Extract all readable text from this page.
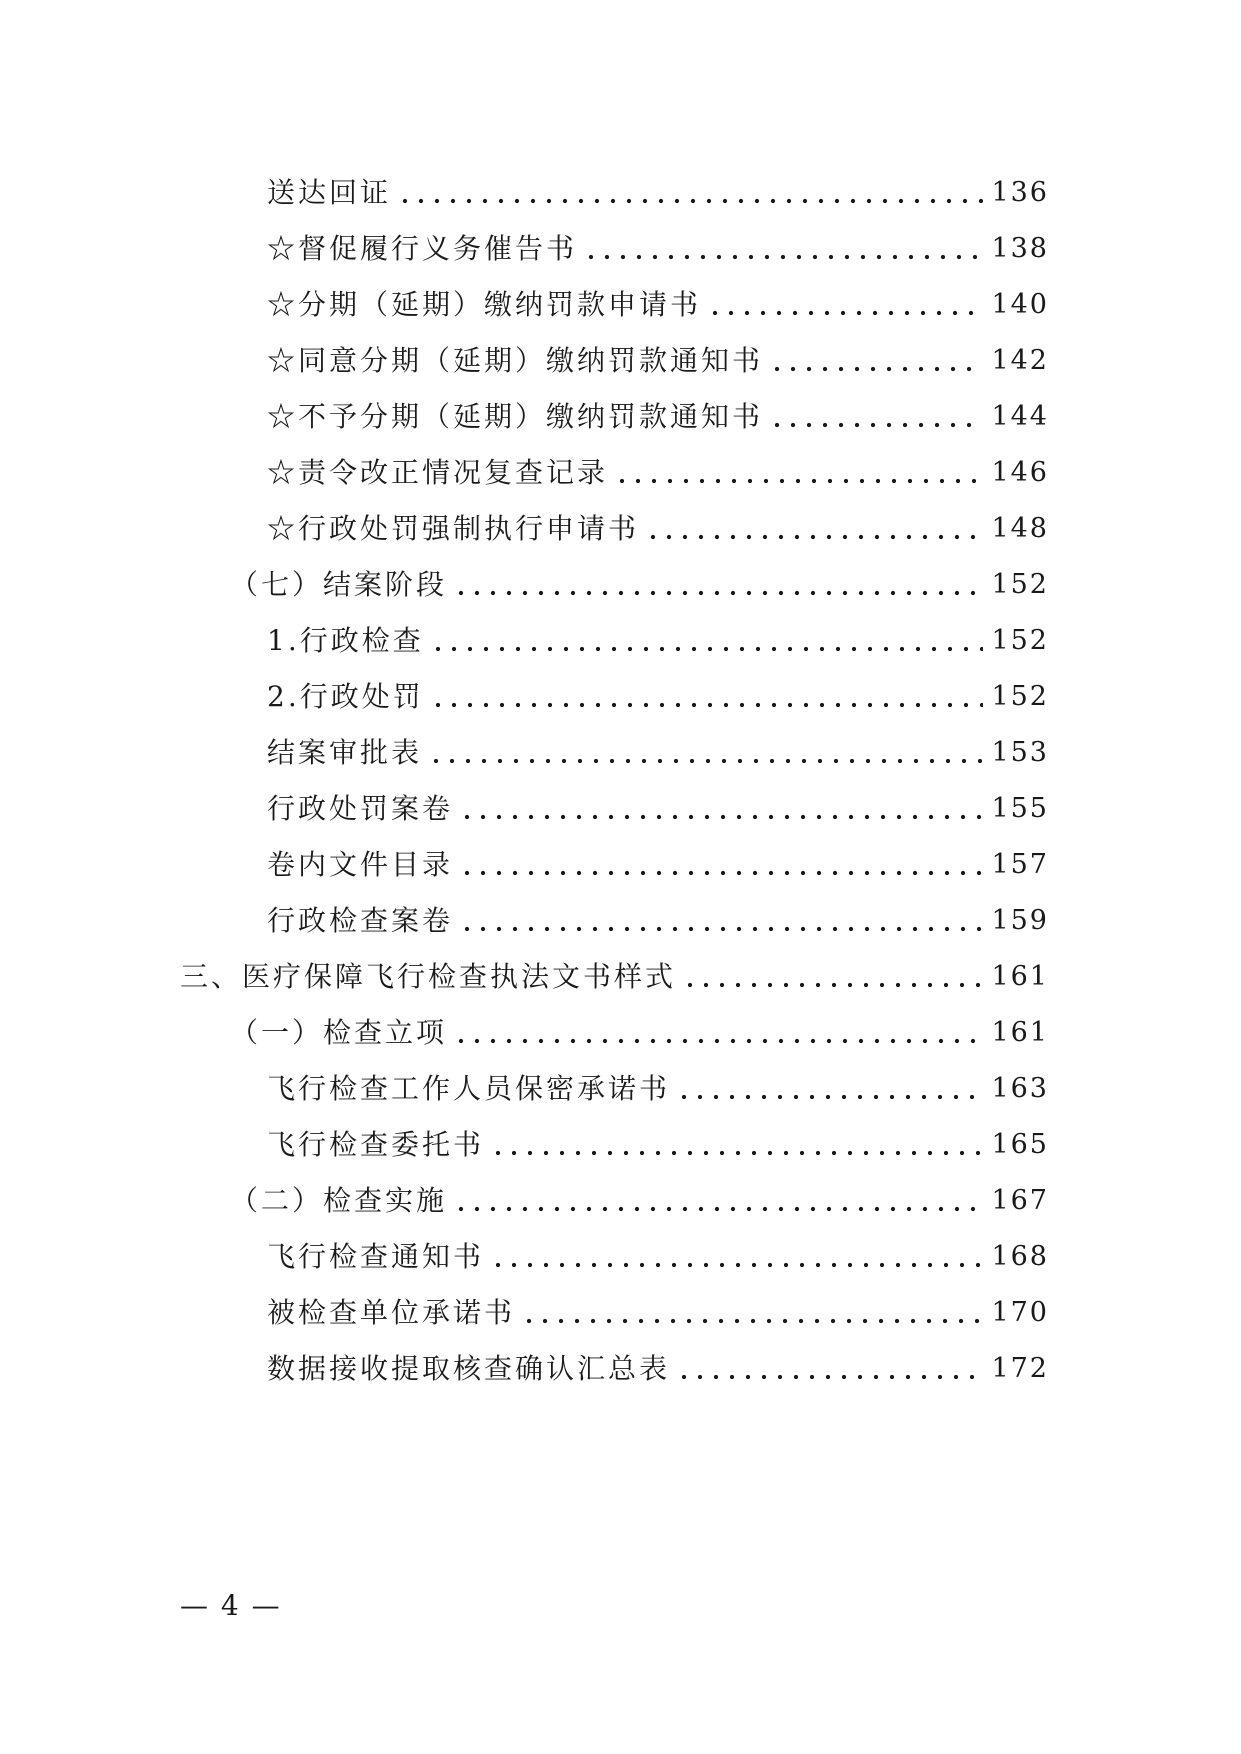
送达回证	136
☆督促履行义务催告书	138
☆分期（延期）缴纳罚款申请书	140
☆同意分期（延期）缴纳罚款通知书	142
☆不予分期（延期）缴纳罚款通知书	144
☆责令改正情况复查记录	146
☆行政处罚强制执行申请书	148
（七）结案阶段	152
1.行政检查	152
2.行政处罚	152
结案审批表	153
行政处罚案卷	155
卷内文件目录	157
行政检查案卷	159
三、医疗保障飞行检查执法文书样式	161
（一）检查立项	161
飞行检查工作人员保密承诺书	163
飞行检查委托书	165
（二）检查实施	167
飞行检查通知书	168
被检查单位承诺书	170
数据接收提取核查确认汇总表	172
— 4 —
